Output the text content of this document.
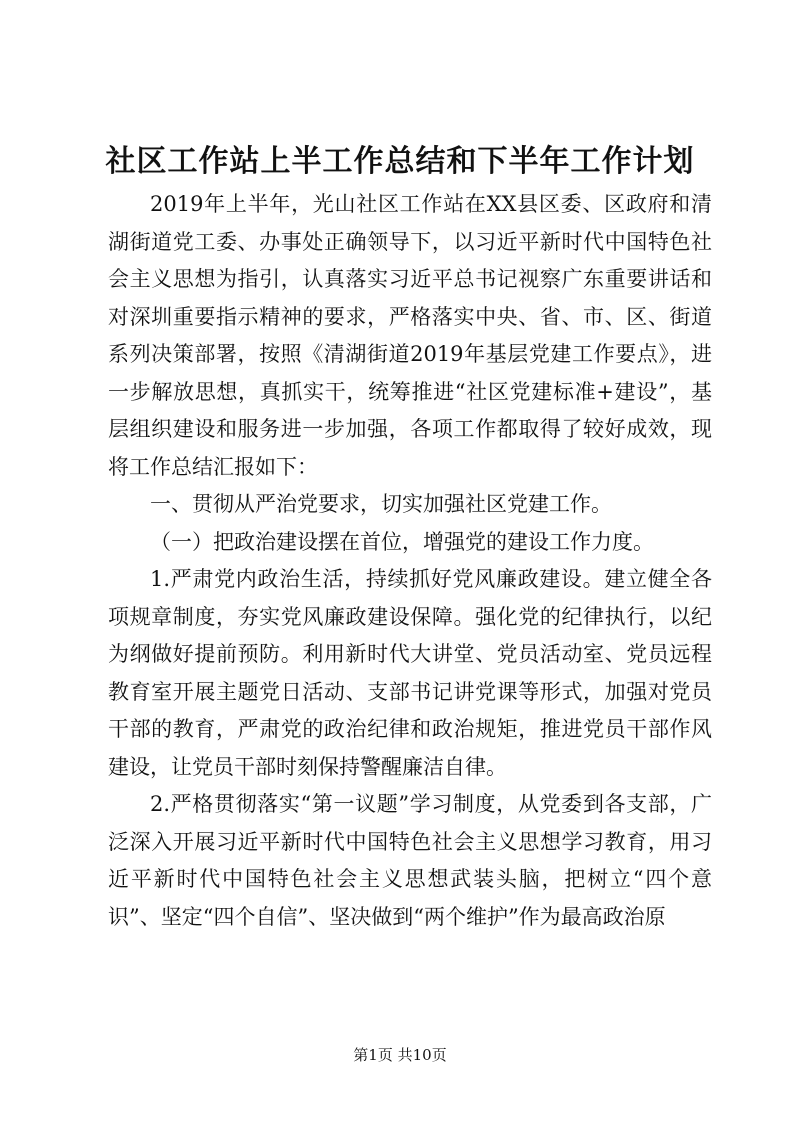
社区工作站上半工作总结和下半年工作计划

2019年上半年，光山社区工作站在XX县区委、区政府和清湖街道党工委、办事处正确领导下，以习近平新时代中国特色社会主义思想为指引，认真落实习近平总书记视察广东重要讲话和对深圳重要指示精神的要求，严格落实中央、省、市、区、街道系列决策部署，按照《清湖街道2019年基层党建工作要点》，进一步解放思想，真抓实干，统筹推进“社区党建标准+建设”，基层组织建设和服务进一步加强，各项工作都取得了较好成效，现将工作总结汇报如下：

一、贯彻从严治党要求，切实加强社区党建工作。

（一）把政治建设摆在首位，增强党的建设工作力度。

1.严肃党内政治生活，持续抓好党风廉政建设。建立健全各项规章制度，夯实党风廉政建设保障。强化党的纪律执行，以纪为纲做好提前预防。利用新时代大讲堂、党员活动室、党员远程教育室开展主题党日活动、支部书记讲党课等形式，加强对党员干部的教育，严肃党的政治纪律和政治规矩，推进党员干部作风建设，让党员干部时刻保持警醒廉洁自律。

2.严格贯彻落实“第一议题”学习制度，从党委到各支部，广泛深入开展习近平新时代中国特色社会主义思想学习教育，用习近平新时代中国特色社会主义思想武装头脑，把树立“四个意识”、坚定“四个自信”、坚决做到“两个维护”作为最高政治原

第1页 共10页
